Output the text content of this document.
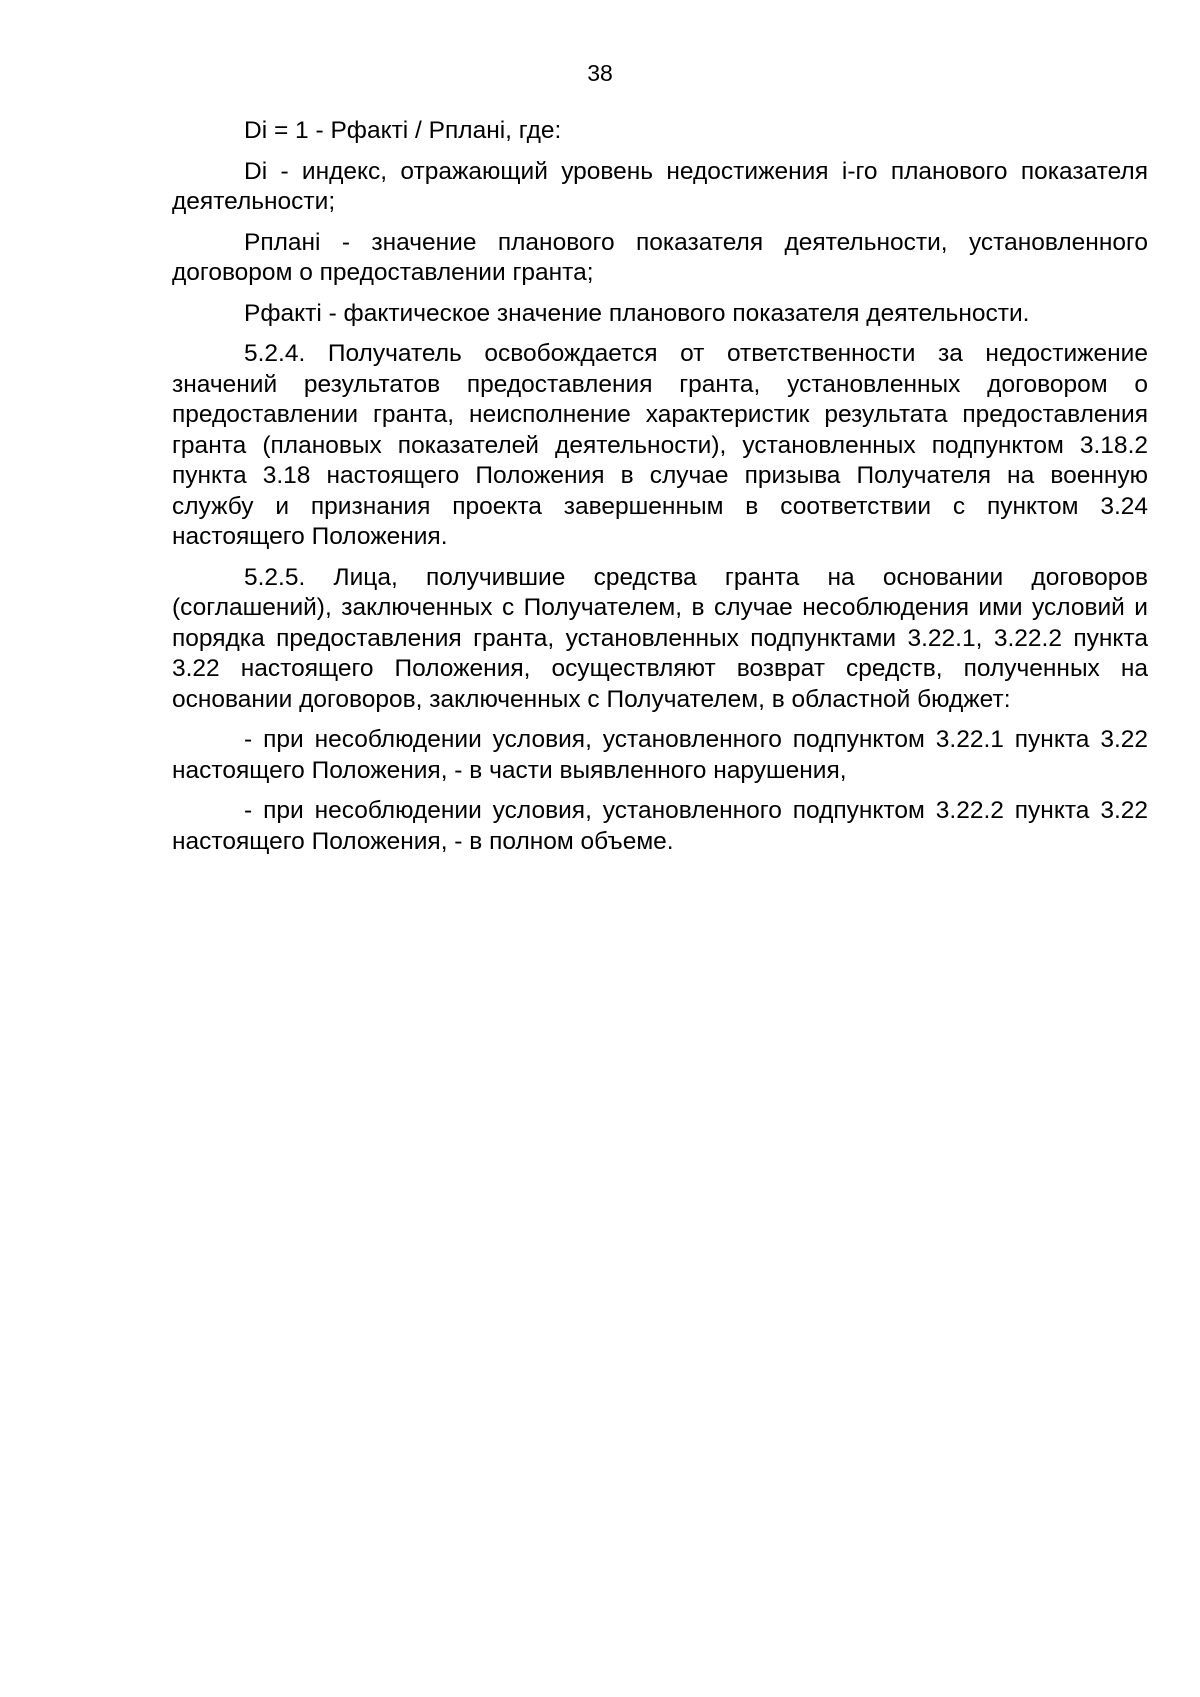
38

Di = 1 - Рфакті / Рплані, где:

Di - индекс, отражающий уровень недостижения і-го планового показателя деятельности;

Рплані - значение планового показателя деятельности, установленного договором о предоставлении гранта;

Рфакті - фактическое значение планового показателя деятельности.

5.2.4. Получатель освобождается от ответственности за недостижение значений результатов предоставления гранта, установленных договором о предоставлении гранта, неисполнение характеристик результата предоставления гранта (плановых показателей деятельности), установленных подпунктом 3.18.2 пункта 3.18 настоящего Положения в случае призыва Получателя на военную службу и признания проекта завершенным в соответствии с пунктом 3.24 настоящего Положения.

5.2.5. Лица, получившие средства гранта на основании договоров (соглашений), заключенных с Получателем, в случае несоблюдения ими условий и порядка предоставления гранта, установленных подпунктами 3.22.1, 3.22.2 пункта 3.22 настоящего Положения, осуществляют возврат средств, полученных на основании договоров, заключенных с Получателем, в областной бюджет:

- при несоблюдении условия, установленного подпунктом 3.22.1 пункта 3.22 настоящего Положения, - в части выявленного нарушения,

- при несоблюдении условия, установленного подпунктом 3.22.2 пункта 3.22 настоящего Положения, - в полном объеме.
